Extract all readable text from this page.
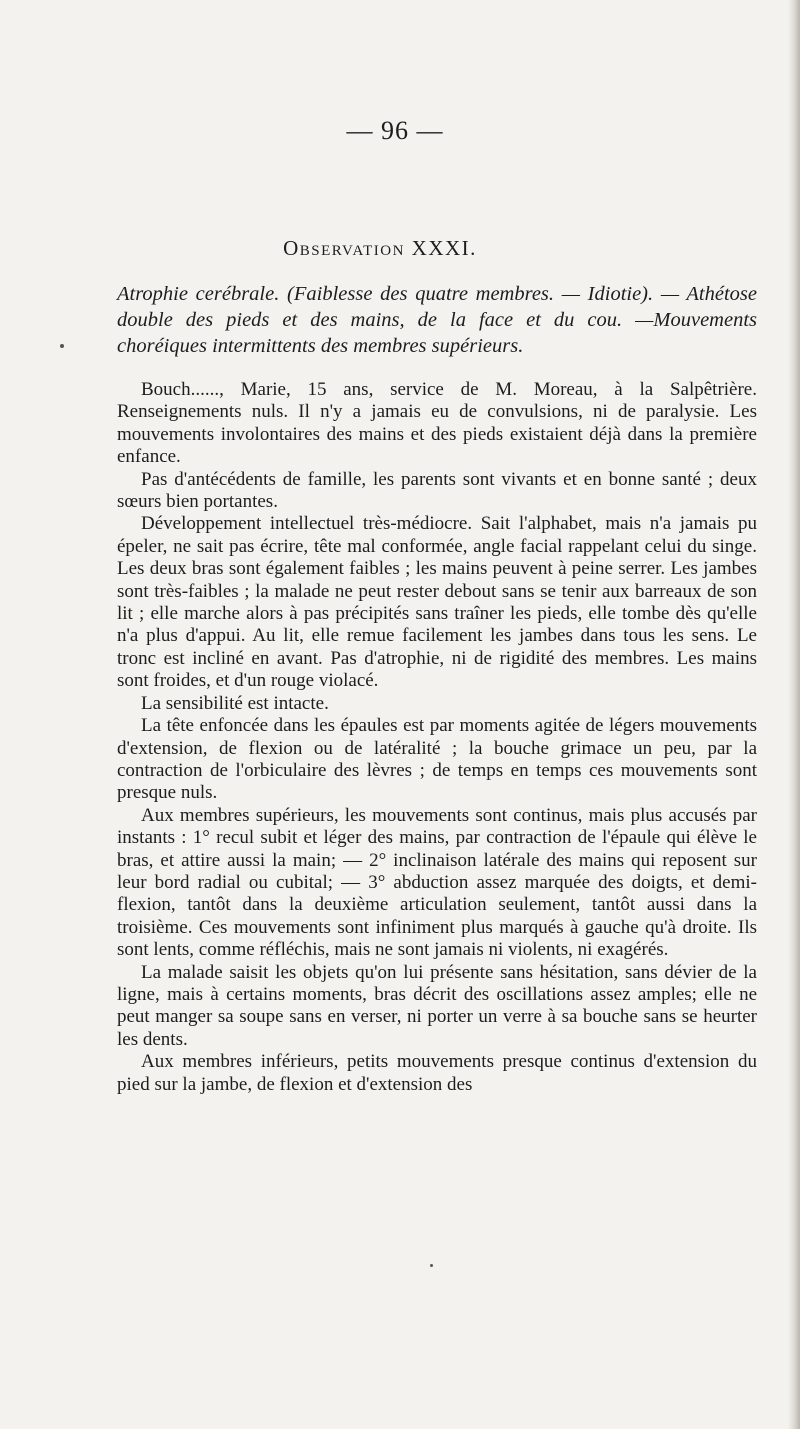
— 96 —
Observation XXXI.
Atrophie cerébrale. (Faiblesse des quatre membres. — Idiotie). — Athétose double des pieds et des mains, de la face et du cou. —Mouvements choréiques intermittents des membres supérieurs.

Bouch......, Marie, 15 ans, service de M. Moreau, à la Salpêtrière. Renseignements nuls. Il n'y a jamais eu de convulsions, ni de paralysie. Les mouvements involontaires des mains et des pieds existaient déjà dans la première enfance.

Pas d'antécédents de famille, les parents sont vivants et en bonne santé ; deux sœurs bien portantes.

Développement intellectuel très-médiocre. Sait l'alphabet, mais n'a jamais pu épeler, ne sait pas écrire, tête mal conformée, angle facial rappelant celui du singe. Les deux bras sont également faibles ; les mains peuvent à peine serrer. Les jambes sont très-faibles ; la malade ne peut rester debout sans se tenir aux barreaux de son lit ; elle marche alors à pas précipités sans traîner les pieds, elle tombe dès qu'elle n'a plus d'appui. Au lit, elle remue facilement les jambes dans tous les sens. Le tronc est incliné en avant. Pas d'atrophie, ni de rigidité des membres. Les mains sont froides, et d'un rouge violacé.

La sensibilité est intacte.

La tête enfoncée dans les épaules est par moments agitée de légers mouvements d'extension, de flexion ou de latéralité ; la bouche grimace un peu, par la contraction de l'orbiculaire des lèvres ; de temps en temps ces mouvements sont presque nuls.

Aux membres supérieurs, les mouvements sont continus, mais plus accusés par instants : 1° recul subit et léger des mains, par contraction de l'épaule qui élève le bras, et attire aussi la main; — 2° inclinaison latérale des mains qui reposent sur leur bord radial ou cubital; — 3° abduction assez marquée des doigts, et demi-flexion, tantôt dans la deuxième articulation seulement, tantôt aussi dans la troisième. Ces mouvements sont infiniment plus marqués à gauche qu'à droite. Ils sont lents, comme réfléchis, mais ne sont jamais ni violents, ni exagérés.

La malade saisit les objets qu'on lui présente sans hésitation, sans dévier de la ligne, mais à certains moments, bras décrit des oscillations assez amples; elle ne peut manger sa soupe sans en verser, ni porter un verre à sa bouche sans se heurter les dents.

Aux membres inférieurs, petits mouvements presque continus d'extension du pied sur la jambe, de flexion et d'extension des
